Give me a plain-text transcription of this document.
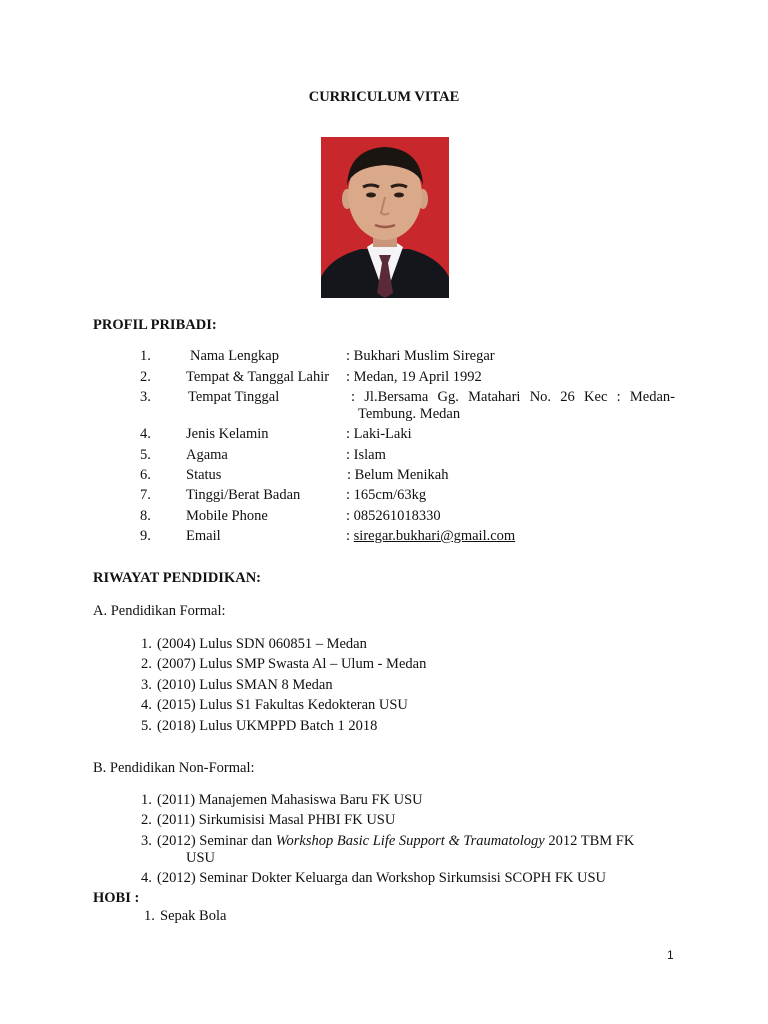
CURRICULUM VITAE
PROFIL PRIBADI:
1.	Nama Lengkap	: Bukhari Muslim Siregar
2. Tempat & Tanggal Lahir : Medan, 19 April 1992
3.	Tempat Tinggal	: Jl.Bersama Gg. Matahari No. 26 Kec : Medan-
Tembung. Medan
4. Jenis Kelamin	: Laki-Laki
5. Agama	: Islam
6. Status	: Belum Menikah
7. Tinggi/Berat Badan	: 165cm/63kg
8. Mobile Phone	: 085261018330
9. Email	: siregar.bukhari@gmail.com
RIWAYAT PENDIDIKAN:
A. Pendidikan Formal:
1. (2004) Lulus SDN 060851 – Medan
2. (2007) Lulus SMP Swasta Al – Ulum - Medan
3. (2010) Lulus SMAN 8 Medan
4. (2015) Lulus S1 Fakultas Kedokteran USU
5. (2018) Lulus UKMPPD Batch 1 2018
B. Pendidikan Non-Formal:
1. (2011) Manajemen Mahasiswa Baru FK USU
2. (2011) Sirkumisisi Masal PHBI FK USU
3. (2012) Seminar dan Workshop Basic Life Support & Traumatology 2012 TBM FK
USU
4. (2012) Seminar Dokter Keluarga dan Workshop Sirkumsisi SCOPH FK USU
HOBI :
1. Sepak Bola
1
